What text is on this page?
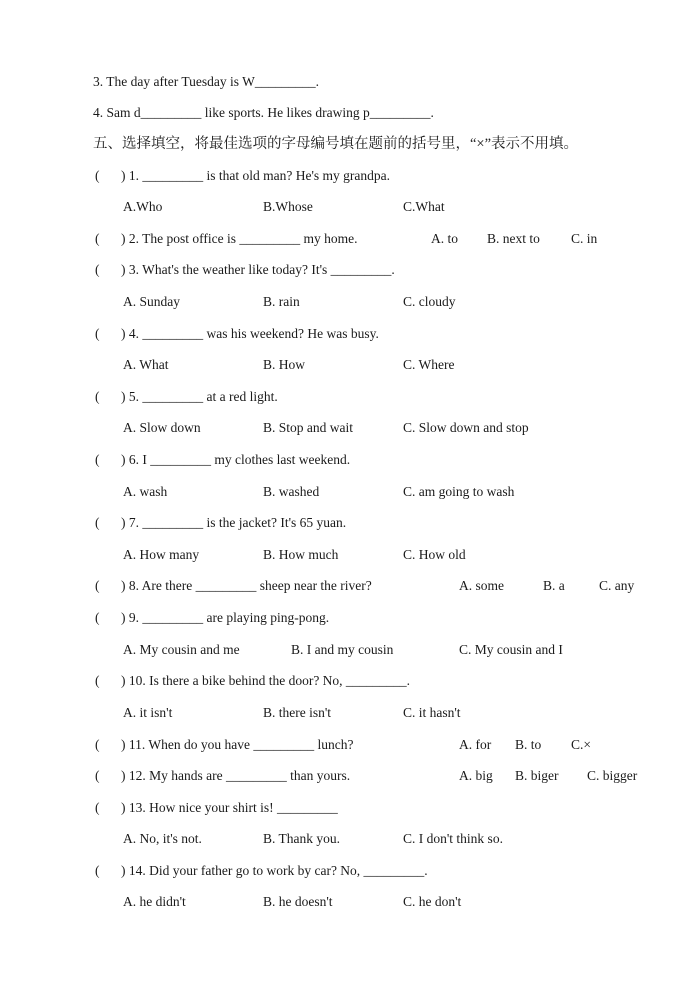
3. The day after Tuesday is W_________.
4. Sam d_________ like sports. He likes drawing p_________.
五、选择填空，将最佳选项的字母编号填在题前的括号里，“×”表示不用填。
( ) 1. _________ is that old man? He's my grandpa.
A.Who	B.Whose	C.What
( ) 2. The post office is _________ my home.	A. to B. next to C. in
( ) 3. What's the weather like today? It's _________.
A. Sunday	B. rain	C. cloudy
( ) 4. _________ was his weekend? He was busy.
A. What	B. How	C. Where
( ) 5. _________ at a red light.
A. Slow down	B. Stop and wait	C. Slow down and stop
( ) 6. I _________ my clothes last weekend.
A. wash	B. washed	C. am going to wash
( ) 7. _________ is the jacket? It's 65 yuan.
A. How many	B. How much	C. How old
( ) 8. Are there _________ sheep near the river?	A. some	B. a	C. any
( ) 9. _________ are playing ping-pong.
A. My cousin and me	B. I and my cousin	C. My cousin and I
( ) 10. Is there a bike behind the door? No, _________.
A. it isn't	B. there isn't	C. it hasn't
( ) 11. When do you have _________ lunch?	A. for B. to C.×
( ) 12. My hands are _________ than yours.	A. big B. biger C. bigger
( ) 13. How nice your shirt is! _________
A. No, it's not.	B. Thank you.	C. I don't think so.
( ) 14. Did your father go to work by car? No, _________.
A. he didn't	B. he doesn't	C. he don't
